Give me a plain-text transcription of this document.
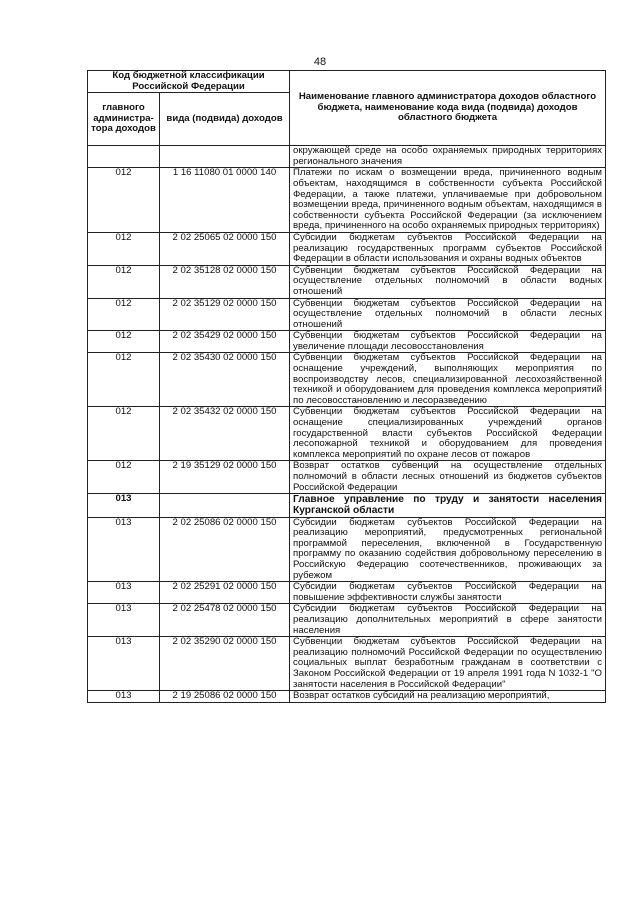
48
Код бюджетной классификации Российской Федерации		Наименование главного администратора доходов областного бюджета, наименование кода вида (подвида) доходов областного бюджета
главного администра-тора доходов	вида (подвида) доходов	
		окружающей среде на особо охраняемых природных территориях регионального значения
012	1 16 11080 01 0000 140	Платежи по искам о возмещении вреда, причиненного водным объектам, находящимся в собственности субъекта Российской Федерации, а также платежи, уплачиваемые при добровольном возмещении вреда, причиненного водным объектам, находящимся в собственности субъекта Российской Федерации (за исключением вреда, причиненного на особо охраняемых природных территориях)
012	2 02 25065 02 0000 150	Субсидии бюджетам субъектов Российской Федерации на реализацию государственных программ субъектов Российской Федерации в области использования и охраны водных объектов
012	2 02 35128 02 0000 150	Субвенции бюджетам субъектов Российской Федерации на осуществление отдельных полномочий в области водных отношений
012	2 02 35129 02 0000 150	Субвенции бюджетам субъектов Российской Федерации на осуществление отдельных полномочий в области лесных отношений
012	2 02 35429 02 0000 150	Субвенции бюджетам субъектов Российской Федерации на увеличение площади лесовосстановления
012	2 02 35430 02 0000 150	Субвенции бюджетам субъектов Российской Федерации на оснащение учреждений, выполняющих мероприятия по воспроизводству лесов, специализированной лесохозяйственной техникой и оборудованием для проведения комплекса мероприятий по лесовосстановлению и лесоразведению
012	2 02 35432 02 0000 150	Субвенции бюджетам субъектов Российской Федерации на оснащение специализированных учреждений органов государственной власти субъектов Российской Федерации лесопожарной техникой и оборудованием для проведения комплекса мероприятий по охране лесов от пожаров
012	2 19 35129 02 0000 150	Возврат остатков субвенций на осуществление отдельных полномочий в области лесных отношений из бюджетов субъектов Российской Федерации
013		Главное управление по труду и занятости населения Курганской области
013	2 02 25086 02 0000 150	Субсидии бюджетам субъектов Российской Федерации на реализацию мероприятий, предусмотренных региональной программой переселения, включенной в Государственную программу по оказанию содействия добровольному переселению в Российскую Федерацию соотечественников, проживающих за рубежом
013	2 02 25291 02 0000 150	Субсидии бюджетам субъектов Российской Федерации на повышение эффективности службы занятости
013	2 02 25478 02 0000 150	Субсидии бюджетам субъектов Российской Федерации на реализацию дополнительных мероприятий в сфере занятости населения
013	2 02 35290 02 0000 150	Субвенции бюджетам субъектов Российской Федерации на реализацию полномочий Российской Федерации по осуществлению социальных выплат безработным гражданам в соответствии с Законом Российской Федерации от 19 апреля 1991 года N 1032-1 "О занятости населения в Российской Федерации"
013	2 19 25086 02 0000 150	Возврат остатков субсидий на реализацию мероприятий,
